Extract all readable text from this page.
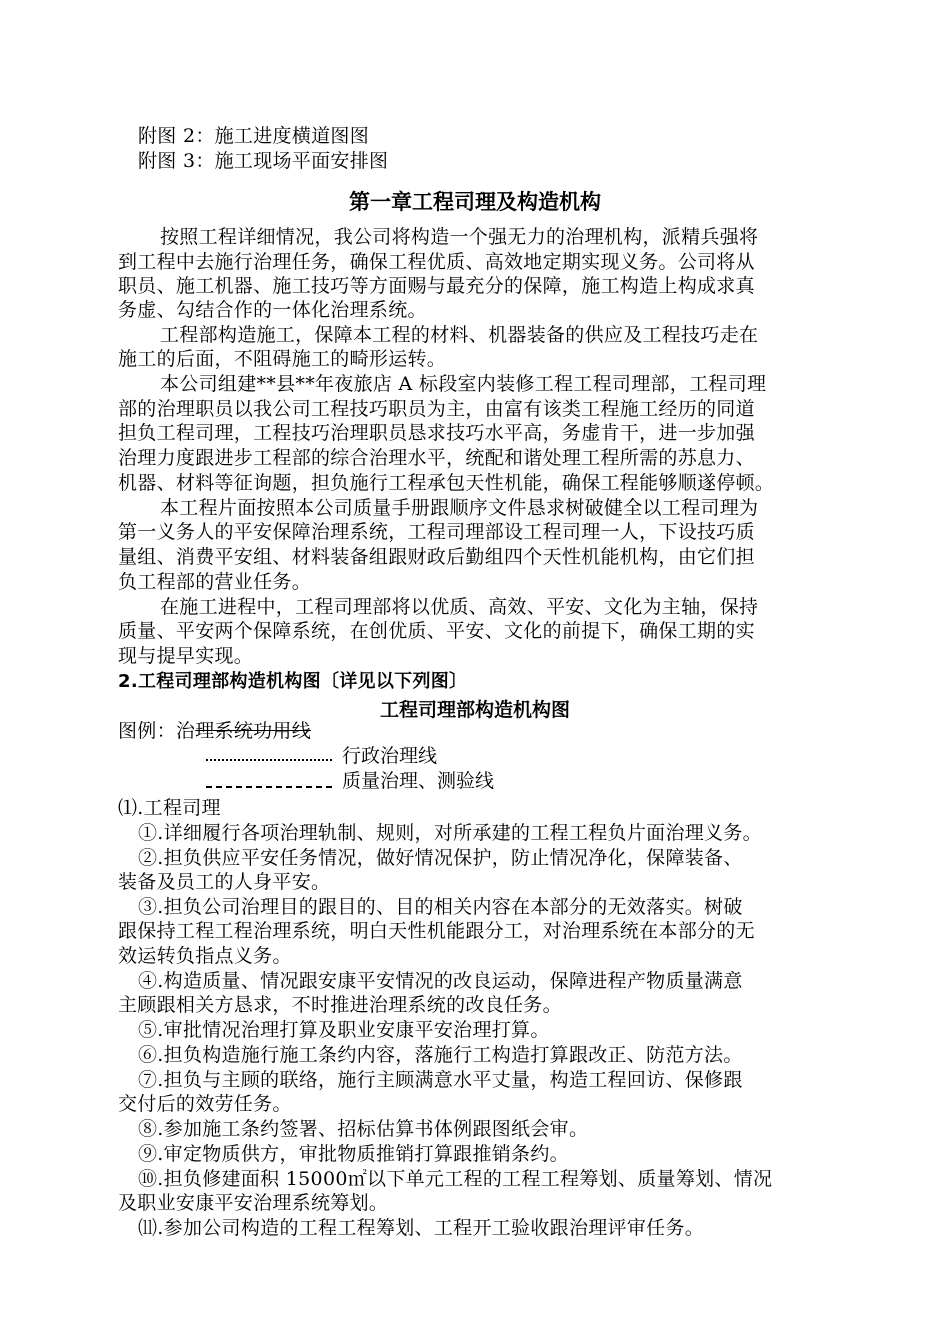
附图 2：施工进度横道图图
附图 3：施工现场平面安排图
第一章工程司理及构造机构
按照工程详细情况，我公司将构造一个强无力的治理机构，派精兵强将
到工程中去施行治理任务，确保工程优质、高效地定期实现义务。公司将从
职员、施工机器、施工技巧等方面赐与最充分的保障，施工构造上构成求真
务虚、勾结合作的一体化治理系统。
工程部构造施工，保障本工程的材料、机器装备的供应及工程技巧走在
施工的后面，不阻碍施工的畸形运转。
本公司组建**县**年夜旅店 A 标段室内装修工程工程司理部，工程司理
部的治理职员以我公司工程技巧职员为主，由富有该类工程施工经历的同道
担负工程司理，工程技巧治理职员恳求技巧水平高，务虚肯干，进一步加强
治理力度跟进步工程部的综合治理水平，统配和谐处理工程所需的苏息力、
机器、材料等征询题，担负施行工程承包天性机能，确保工程能够顺遂停顿。
本工程片面按照本公司质量手册跟顺序文件恳求树破健全以工程司理为
第一义务人的平安保障治理系统，工程司理部设工程司理一人，下设技巧质
量组、消费平安组、材料装备组跟财政后勤组四个天性机能机构，由它们担
负工程部的营业任务。
在施工进程中，工程司理部将以优质、高效、平安、文化为主轴，保持
质量、平安两个保障系统，在创优质、平安、文化的前提下，确保工期的实
现与提早实现。
2.工程司理部构造机构图〔详见以下列图〕
工程司理部构造机构图
图例：治理系统功用线
行政治理线
质量治理、测验线
⑴.工程司理
①.详细履行各项治理轨制、规则，对所承建的工程工程负片面治理义务。
②.担负供应平安任务情况，做好情况保护，防止情况净化，保障装备、
装备及员工的人身平安。
③.担负公司治理目的跟目的、目的相关内容在本部分的无效落实。树破
跟保持工程工程治理系统，明白天性机能跟分工，对治理系统在本部分的无
效运转负指点义务。
④.构造质量、情况跟安康平安情况的改良运动，保障进程产物质量满意
主顾跟相关方恳求，不时推进治理系统的改良任务。
⑤.审批情况治理打算及职业安康平安治理打算。
⑥.担负构造施行施工条约内容，落施行工构造打算跟改正、防范方法。
⑦.担负与主顾的联络，施行主顾满意水平丈量，构造工程回访、保修跟
交付后的效劳任务。
⑧.参加施工条约签署、招标估算书体例跟图纸会审。
⑨.审定物质供方，审批物质推销打算跟推销条约。
⑩.担负修建面积 15000㎡以下单元工程的工程工程筹划、质量筹划、情况
及职业安康平安治理系统筹划。
⑾.参加公司构造的工程工程筹划、工程开工验收跟治理评审任务。
